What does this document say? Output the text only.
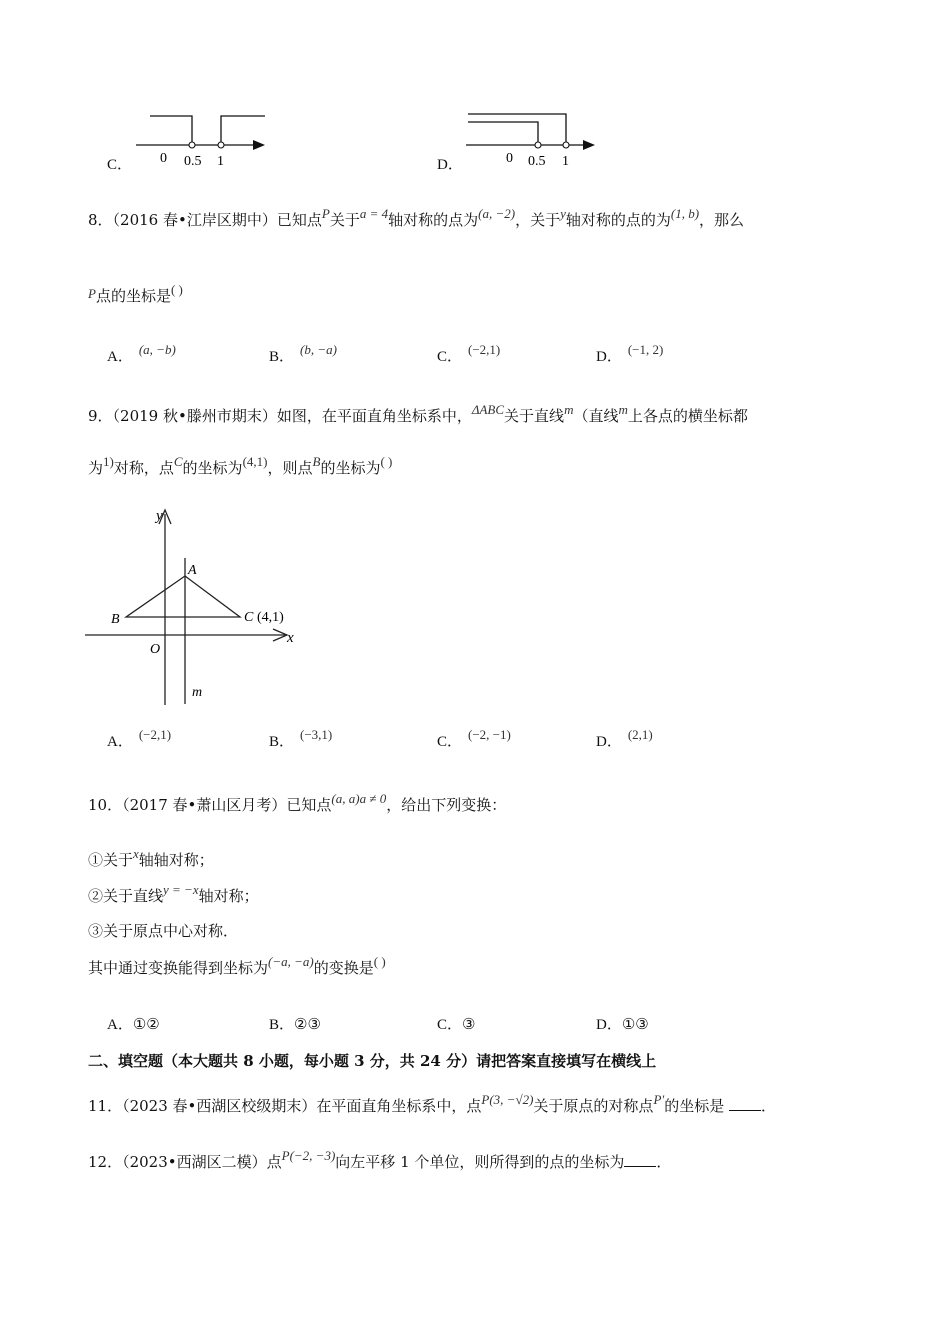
C． 0 0.5 1	D．	0 0.5 1
8．（2016 春•江岸区期中）已知点P关于a = 4轴对称的点为(a, −2)，关于y轴对称的点的为(1, b)，那么
P点的坐标是( )
A． (a, −b)	B． (b, −a)	C． (−2,1)	D． (−1, 2)
9．（2019 秋•滕州市期末）如图，在平面直角坐标系中，ΔABC关于直线m（直线m上各点的横坐标都
为1)对称，点C的坐标为(4,1)，则点B的坐标为( )
y
x
m
A
B	C (4,1)
O
A． (−2,1)	B． (−3,1)	C． (−2, −1)	D． (2,1)
10．（2017 春•萧山区月考）已知点(a, a)a ≠ 0，给出下列变换：
①关于x轴轴对称；
②关于直线y = −x轴对称；
③关于原点中心对称．
其中通过变换能得到坐标为(−a, −a)的变换是( )
A．①②	B．②③	C．③	D．①③
二、填空题（本大题共 8 小题，每小题 3 分，共 24 分）请把答案直接填写在横线上
11．（2023 春•西湖区校级期末）在平面直角坐标系中，点P(3, −√2)关于原点的对称点P′的坐标是 ．
12．（2023•西湖区二模）点P(−2, −3)向左平移 1 个单位，则所得到的点的坐标为 ．
